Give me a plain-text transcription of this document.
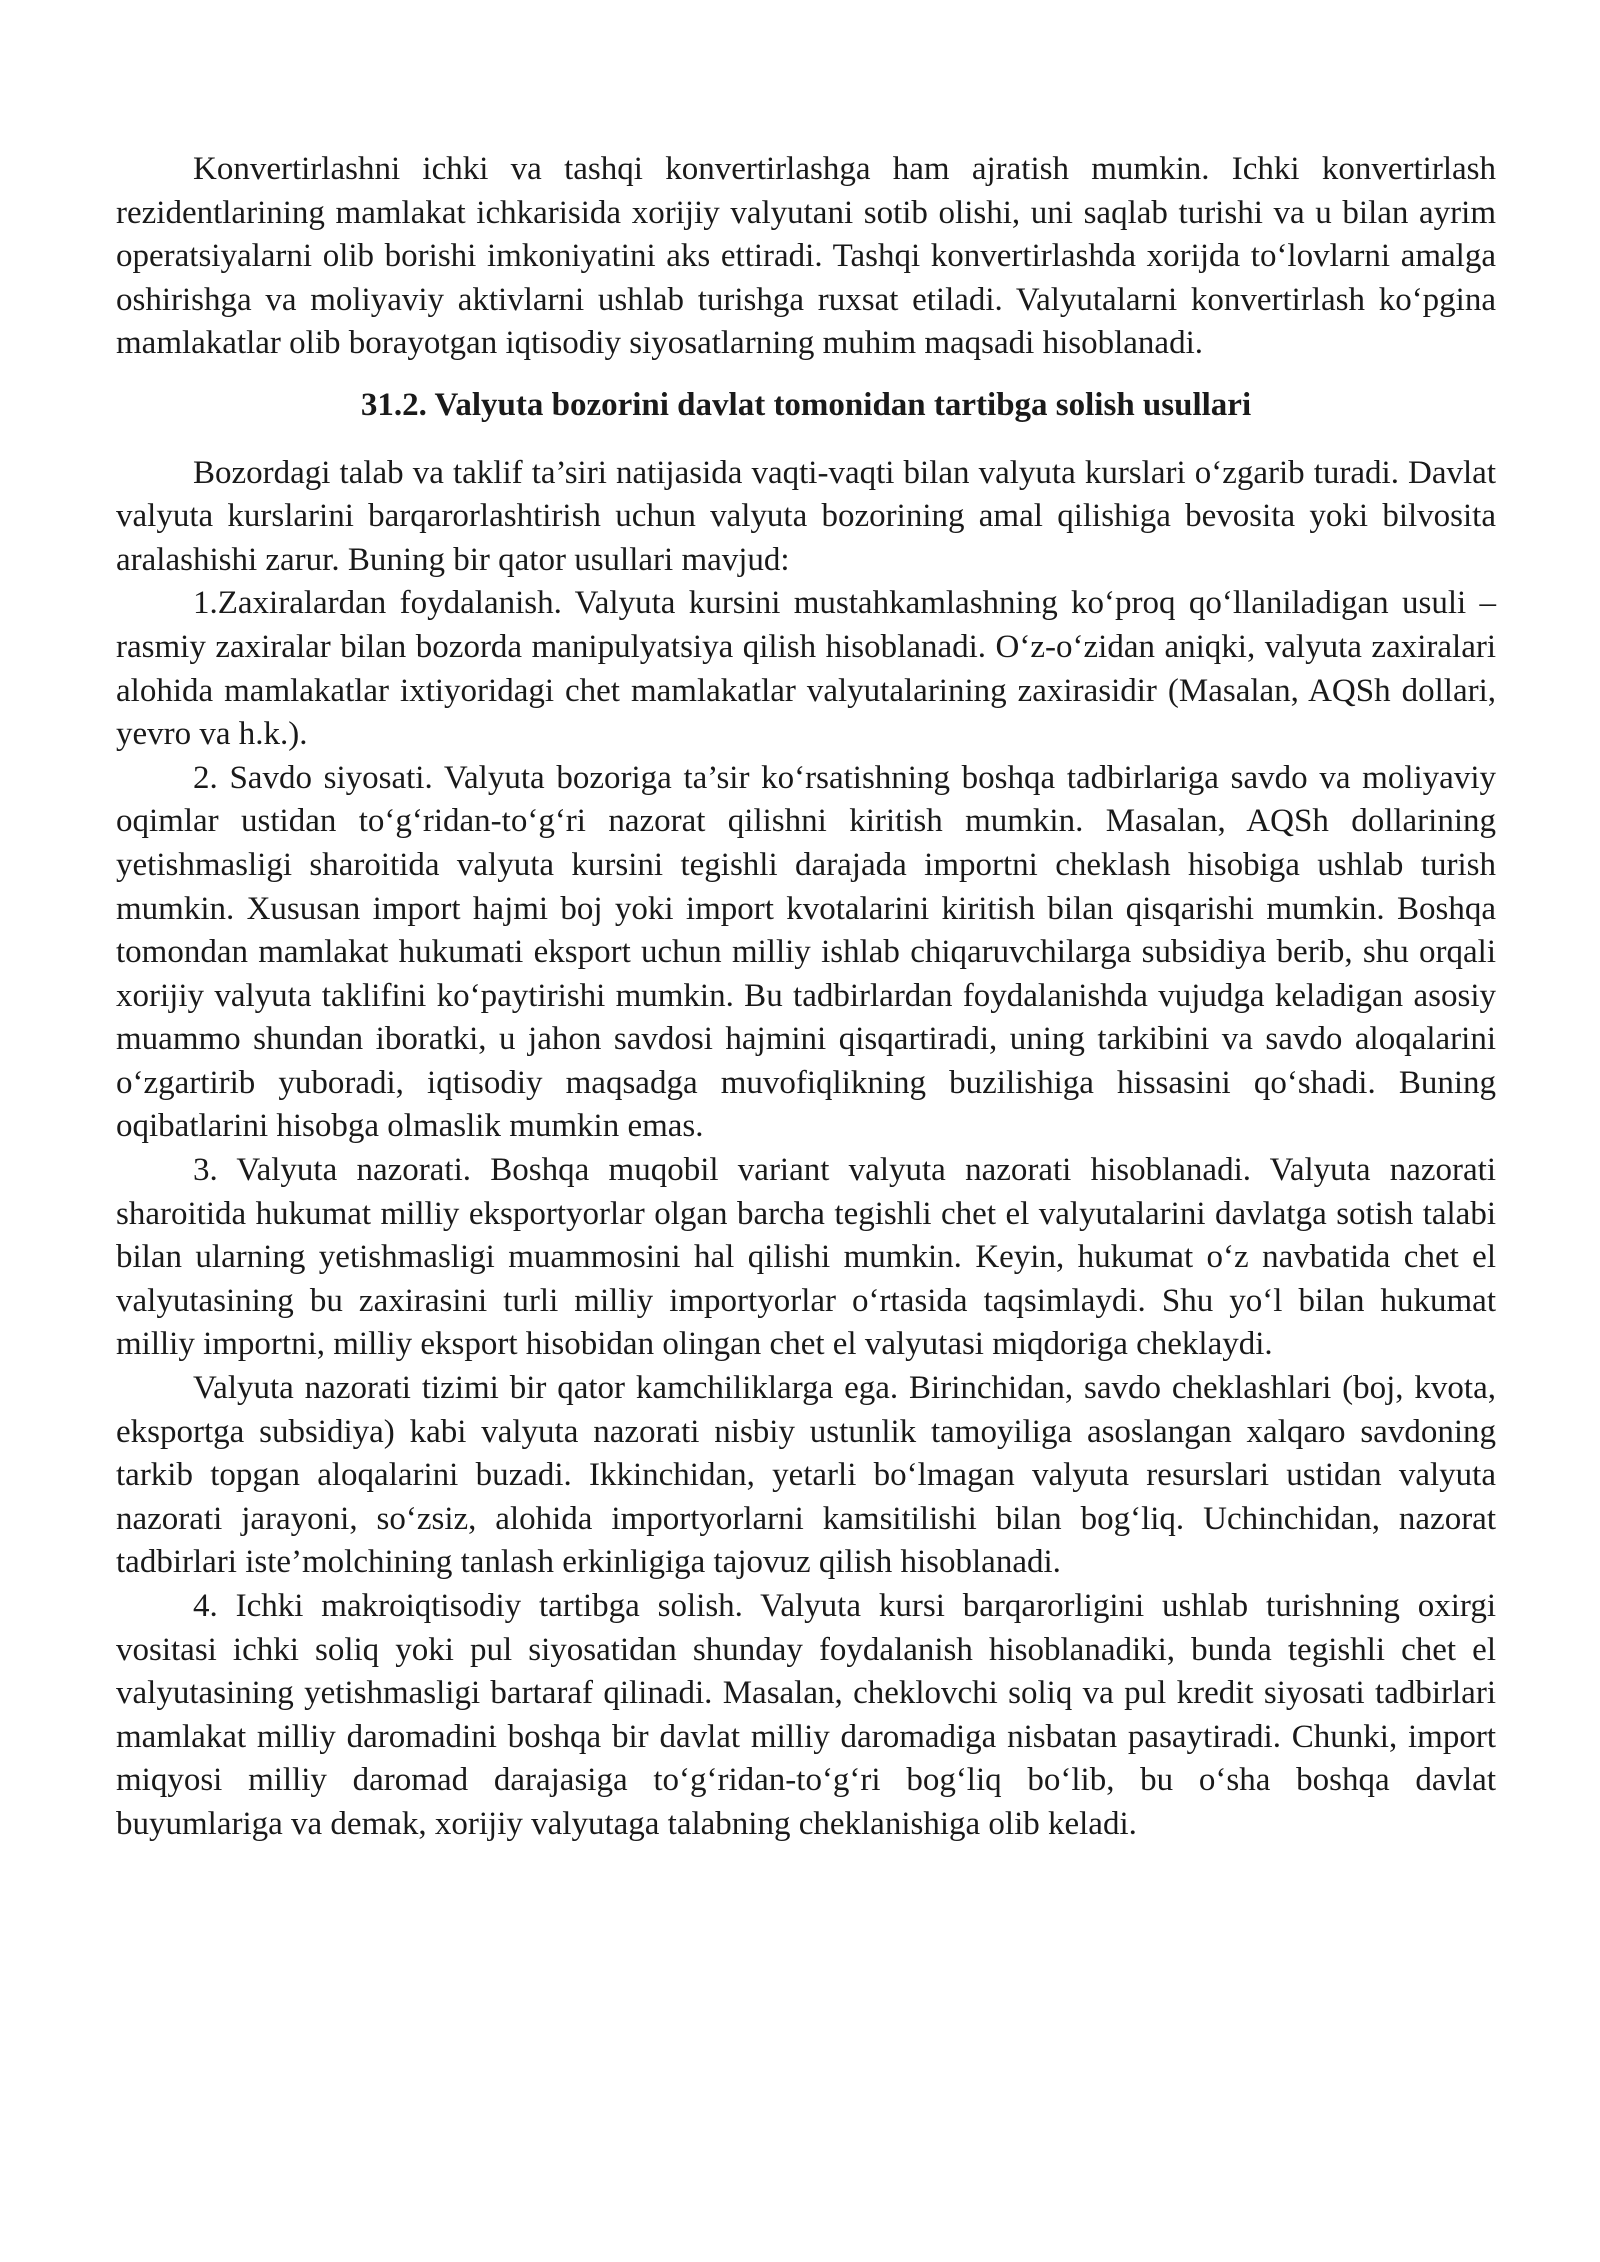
Konvertirlashni ichki va tashqi konvertirlashga ham ajratish mumkin. Ichki konvertirlash rezidentlarining mamlakat ichkarisida xorijiy valyutani sotib olishi, uni saqlab turishi va u bilan ayrim operatsiyalarni olib borishi imkoniyatini aks ettiradi. Tashqi konvertirlashda xorijda to‘lovlarni amalga oshirishga va moliyaviy aktivlarni ushlab turishga ruxsat etiladi. Valyutalarni konvertirlash ko‘pgina mamlakatlar olib borayotgan iqtisodiy siyosatlarning muhim maqsadi hisoblanadi.

31.2. Valyuta bozorini davlat tomonidan tartibga solish usullari

Bozordagi talab va taklif ta’siri natijasida vaqti-vaqti bilan valyuta kurslari o‘zgarib turadi. Davlat valyuta kurslarini barqarorlashtirish uchun valyuta bozorining amal qilishiga bevosita yoki bilvosita aralashishi zarur. Buning bir qator usullari mavjud:

1.Zaxiralardan foydalanish. Valyuta kursini mustahkamlashning ko‘proq qo‘llaniladigan usuli – rasmiy zaxiralar bilan bozorda manipulyatsiya qilish hisoblanadi. O‘z-o‘zidan aniqki, valyuta zaxiralari alohida mamlakatlar ixtiyoridagi chet mamlakatlar valyutalarining zaxirasidir (Masalan, AQSh dollari, yevro va h.k.).

2. Savdo siyosati. Valyuta bozoriga ta’sir ko‘rsatishning boshqa tadbirlariga savdo va moliyaviy oqimlar ustidan to‘g‘ridan-to‘g‘ri nazorat qilishni kiritish mumkin. Masalan, AQSh dollarining yetishmasligi sharoitida valyuta kursini tegishli darajada importni cheklash hisobiga ushlab turish mumkin. Xususan import hajmi boj yoki import kvotalarini kiritish bilan qisqarishi mumkin. Boshqa tomondan mamlakat hukumati eksport uchun milliy ishlab chiqaruvchilarga subsidiya berib, shu orqali xorijiy valyuta taklifini ko‘paytirishi mumkin. Bu tadbirlardan foydalanishda vujudga keladigan asosiy muammo shundan iboratki, u jahon savdosi hajmini qisqartiradi, uning tarkibini va savdo aloqalarini o‘zgartirib yuboradi, iqtisodiy maqsadga muvofiqlikning buzilishiga hissasini qo‘shadi. Buning oqibatlarini hisobga olmaslik mumkin emas.

3. Valyuta nazorati. Boshqa muqobil variant valyuta nazorati hisoblanadi. Valyuta nazorati sharoitida hukumat milliy eksportyorlar olgan barcha tegishli chet el valyutalarini davlatga sotish talabi bilan ularning yetishmasligi muammosini hal qilishi mumkin. Keyin, hukumat o‘z navbatida chet el valyutasining bu zaxirasini turli milliy importyorlar o‘rtasida taqsimlaydi. Shu yo‘l bilan hukumat milliy importni, milliy eksport hisobidan olingan chet el valyutasi miqdoriga cheklaydi.

Valyuta nazorati tizimi bir qator kamchiliklarga ega. Birinchidan, savdo cheklashlari (boj, kvota, eksportga subsidiya) kabi valyuta nazorati nisbiy ustunlik tamoyiliga asoslangan xalqaro savdoning tarkib topgan aloqalarini buzadi. Ikkinchidan, yetarli bo‘lmagan valyuta resurslari ustidan valyuta nazorati jarayoni, so‘zsiz, alohida importyorlarni kamsitilishi bilan bog‘liq. Uchinchidan, nazorat tadbirlari iste’molchining tanlash erkinligiga tajovuz qilish hisoblanadi.

4. Ichki makroiqtisodiy tartibga solish. Valyuta kursi barqarorligini ushlab turishning oxirgi vositasi ichki soliq yoki pul siyosatidan shunday foydalanish hisoblanadiki, bunda tegishli chet el valyutasining yetishmasligi bartaraf qilinadi. Masalan, cheklovchi soliq va pul kredit siyosati tadbirlari mamlakat milliy daromadini boshqa bir davlat milliy daromadiga nisbatan pasaytiradi. Chunki, import miqyosi milliy daromad darajasiga to‘g‘ridan-to‘g‘ri bog‘liq bo‘lib, bu o‘sha boshqa davlat buyumlariga va demak, xorijiy valyutaga talabning cheklanishiga olib keladi.
